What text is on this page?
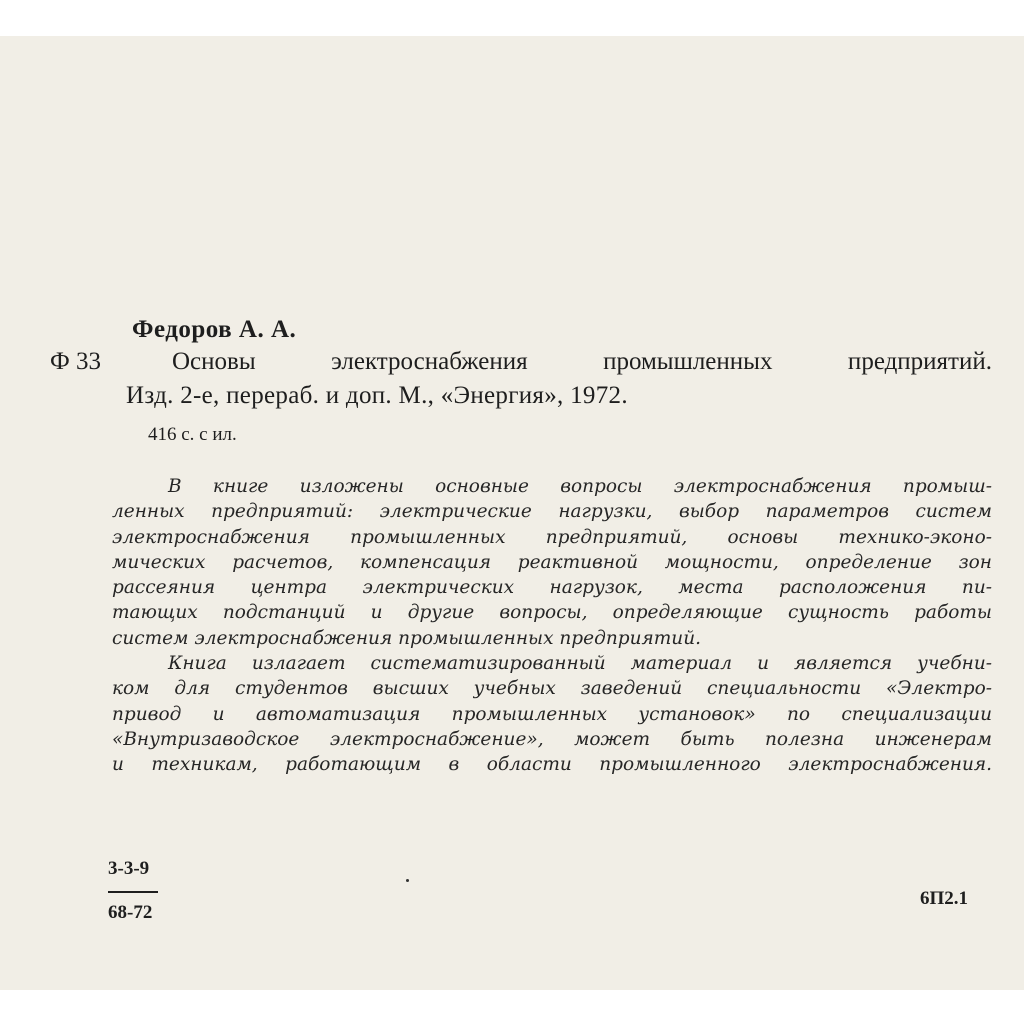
Федоров А. А.
Ф 33	Основы электроснабжения промышленных предприятий.
Изд. 2-е, перераб. и доп. М., «Энергия», 1972.
416 с. с ил.
В книге изложены основные вопросы электроснабжения промыш-
ленных предприятий: электрические нагрузки, выбор параметров систем
электроснабжения промышленных предприятий, основы технико-эконо-
мических расчетов, компенсация реактивной мощности, определение зон
рассеяния центра электрических нагрузок, места расположения пи-
тающих подстанций и другие вопросы, определяющие сущность работы
систем электроснабжения промышленных предприятий.
Книга излагает систематизированный материал и является учебни-
ком для студентов высших учебных заведений специальности «Электро-
привод и автоматизация промышленных установок» по специализации
«Внутризаводское электроснабжение», может быть полезна инженерам
и техникам, работающим в области промышленного электроснабжения.
3-3-9
68-72
6П2.1
